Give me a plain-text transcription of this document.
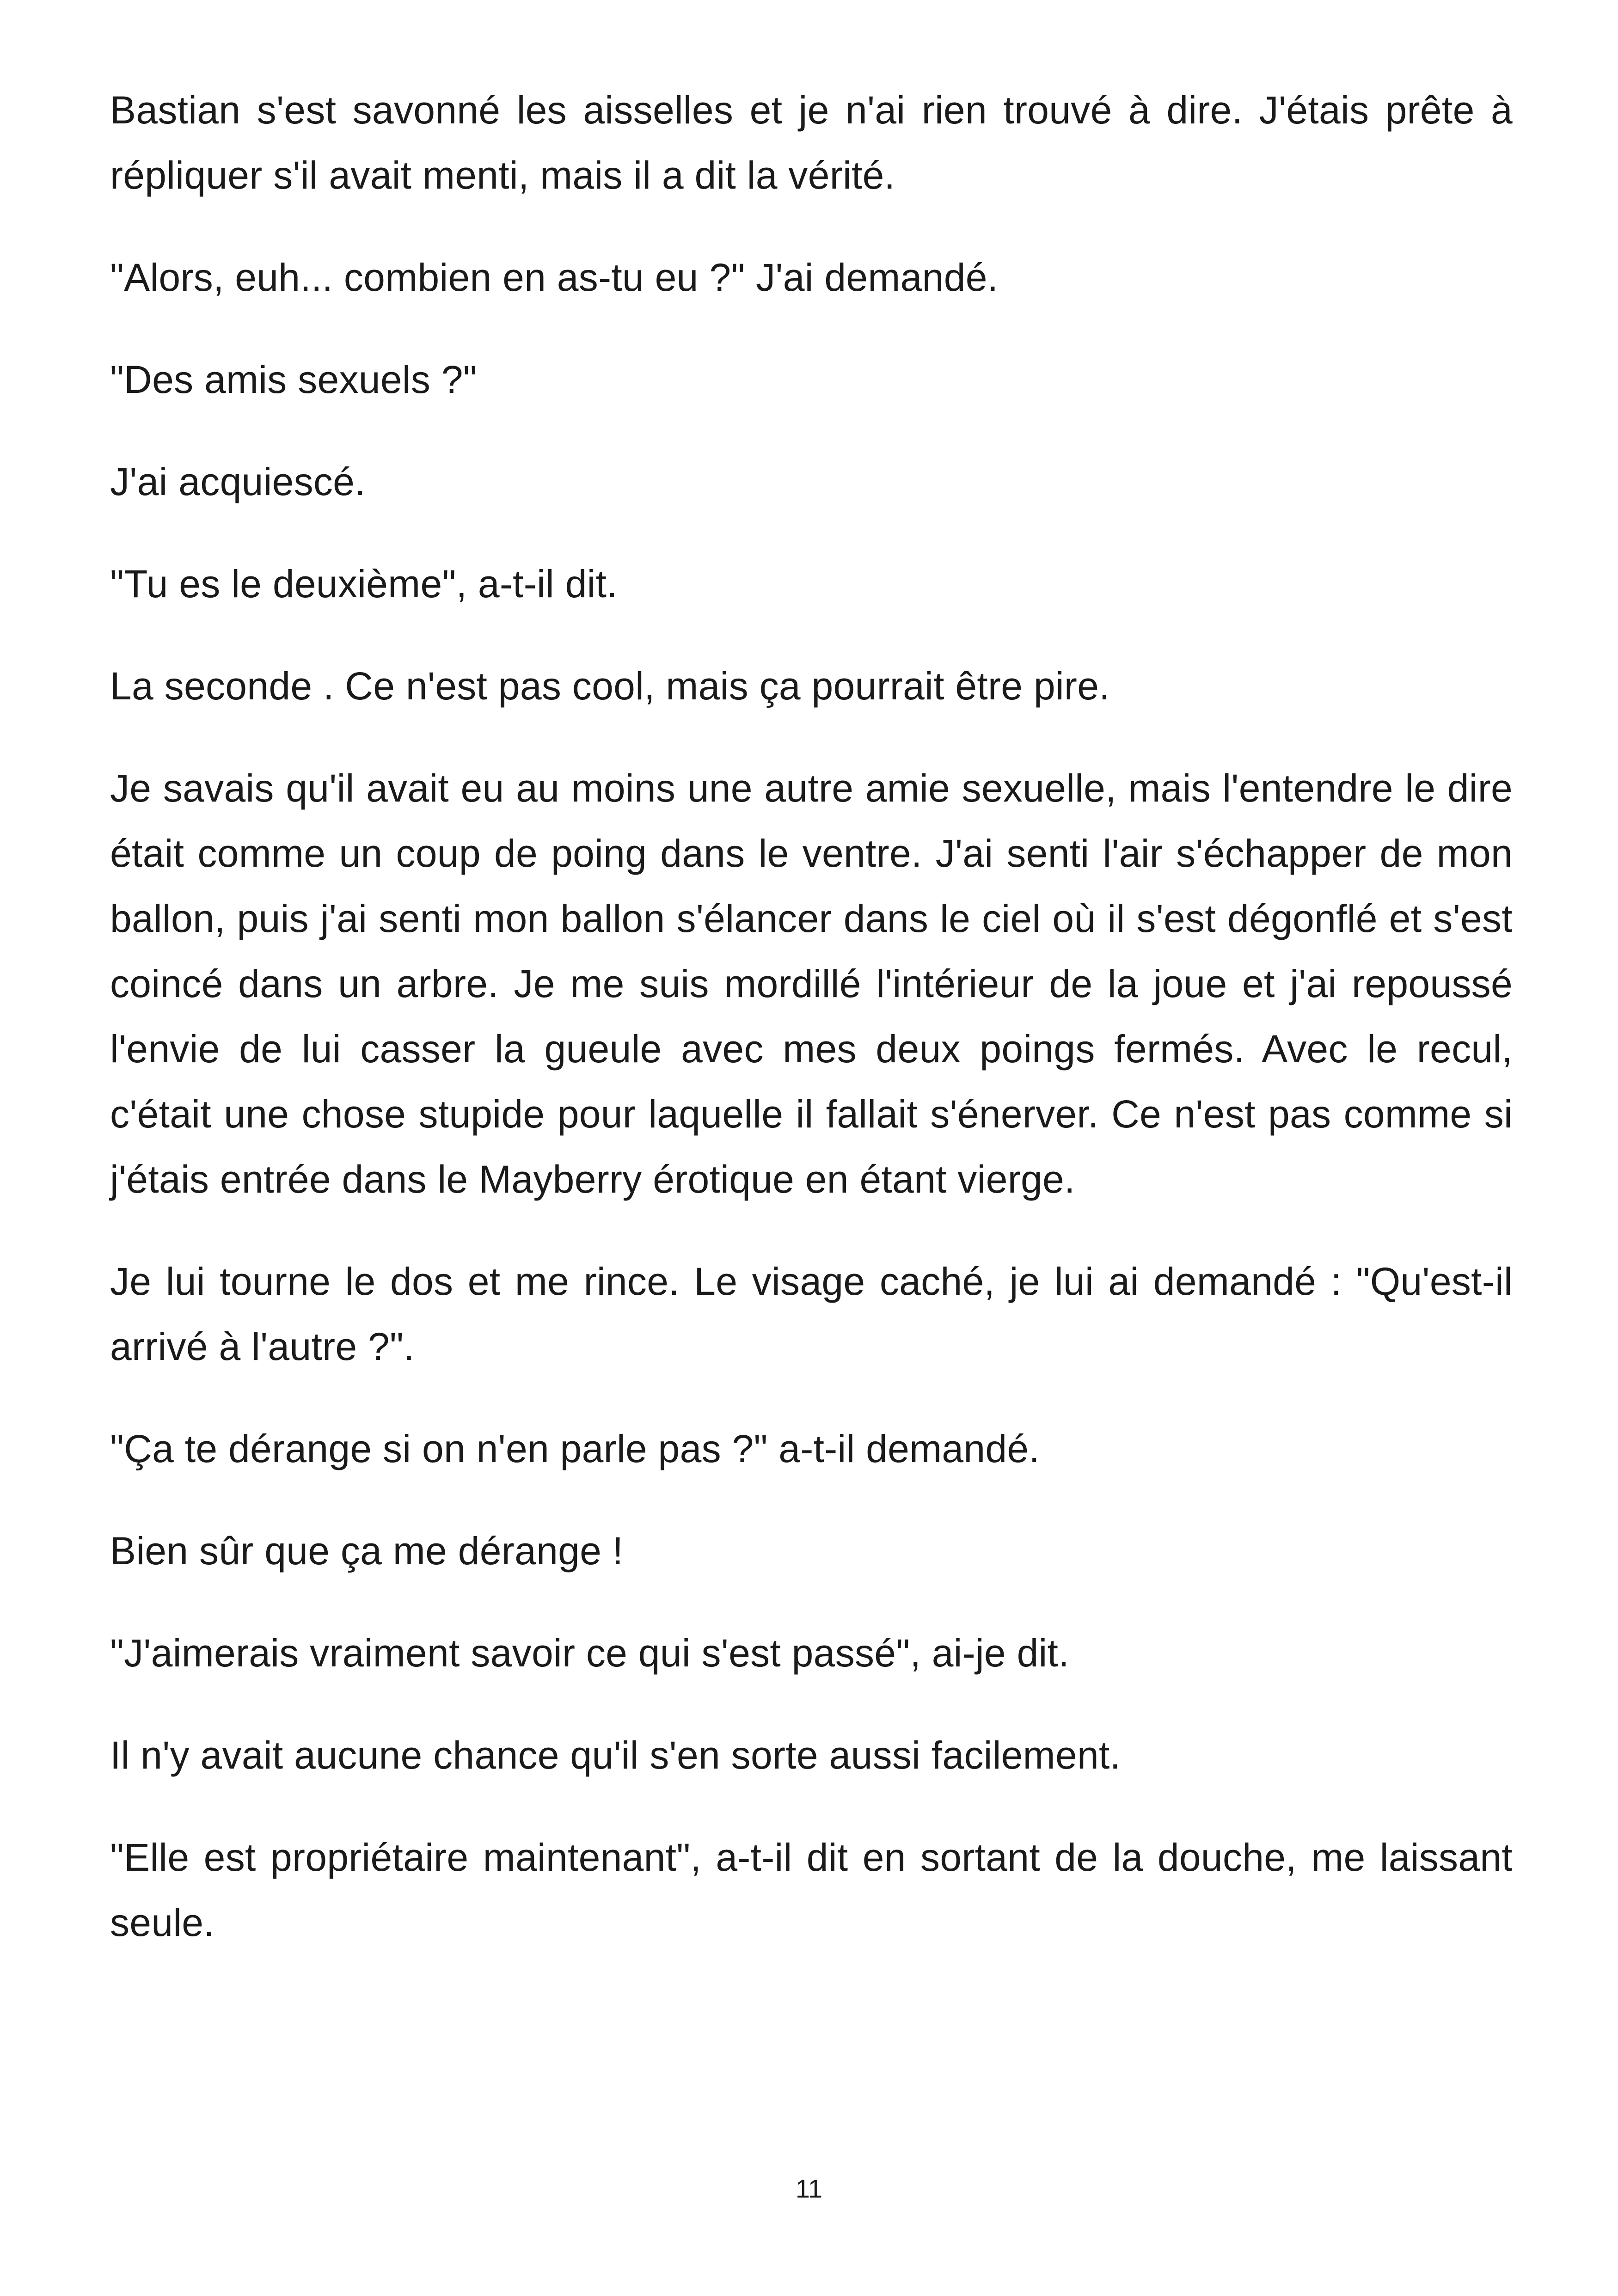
Bastian s'est savonné les aisselles et je n'ai rien trouvé à dire. J'étais prête à répliquer s'il avait menti, mais il a dit la vérité.

"Alors, euh... combien en as-tu eu ?" J'ai demandé.

"Des amis sexuels ?"

J'ai acquiescé.

"Tu es le deuxième", a-t-il dit.

La seconde . Ce n'est pas cool, mais ça pourrait être pire.

Je savais qu'il avait eu au moins une autre amie sexuelle, mais l'entendre le dire était comme un coup de poing dans le ventre. J'ai senti l'air s'échapper de mon ballon, puis j'ai senti mon ballon s'élancer dans le ciel où il s'est dégonflé et s'est coincé dans un arbre. Je me suis mordillé l'intérieur de la joue et j'ai repoussé l'envie de lui casser la gueule avec mes deux poings fermés. Avec le recul, c'était une chose stupide pour laquelle il fallait s'énerver. Ce n'est pas comme si j'étais entrée dans le Mayberry érotique en étant vierge.

Je lui tourne le dos et me rince. Le visage caché, je lui ai demandé : "Qu'est-il arrivé à l'autre ?".

"Ça te dérange si on n'en parle pas ?" a-t-il demandé.

Bien sûr que ça me dérange !

"J'aimerais vraiment savoir ce qui s'est passé", ai-je dit.

Il n'y avait aucune chance qu'il s'en sorte aussi facilement.

"Elle est propriétaire maintenant", a-t-il dit en sortant de la douche, me laissant seule.

11
